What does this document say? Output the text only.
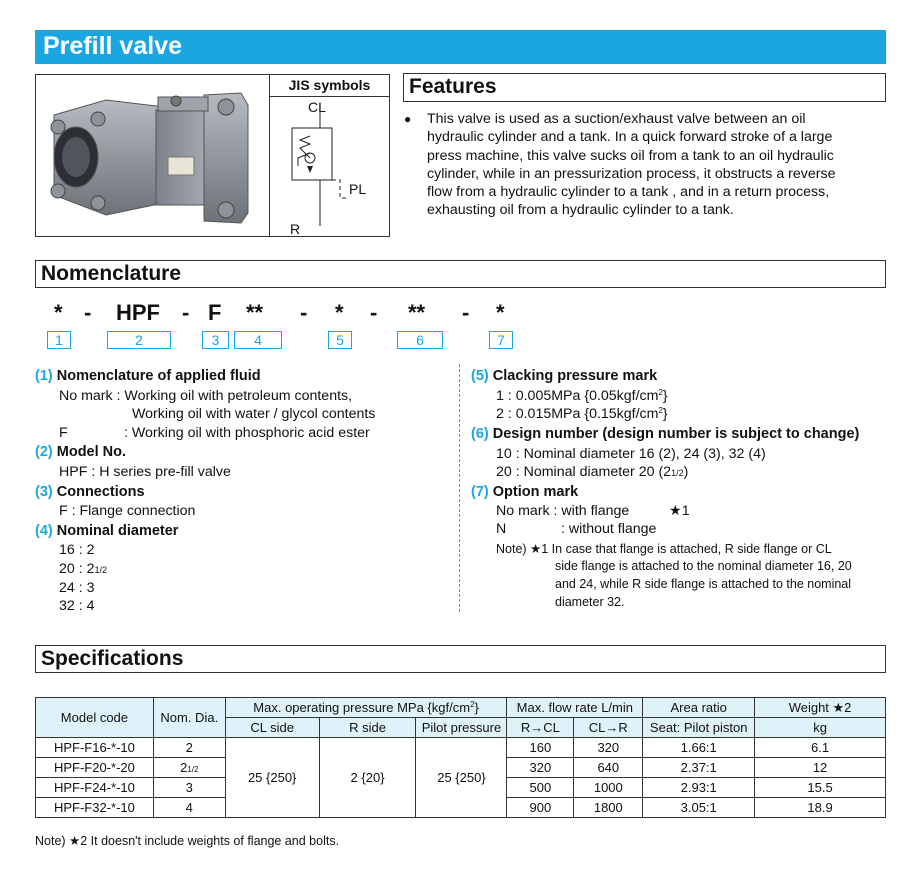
Prefill valve
JIS symbols
CL
PL
R
Features
● This valve is used as a suction/exhaust valve between an oil
hydraulic cylinder and a tank. In a quick forward stroke of a large
press machine, this valve sucks oil from a tank to an oil hydraulic
cylinder, while in an pressurization process, it obstructs a reverse
flow from a hydraulic cylinder to a tank , and in a return process,
exhausting oil from a hydraulic cylinder to a tank.
Nomenclature
* - HPF - F ** - * - ** - *
1	2	3	4	5	6	7
(1) Nomenclature of applied fluid
No mark : Working oil with petroleum contents,
Working oil with water / glycol contents
F	: Working oil with phosphoric acid ester
(2) Model No.
HPF : H series pre-fill valve
(3) Connections
F : Flange connection
(4) Nominal diameter
16 : 2
20 : 21/2
24 : 3
32 : 4
(5) Clacking pressure mark
1 : 0.005MPa $\{0.05kgf/cm^2\}$
2 : 0.015MPa $\{0.15kgf/cm^2\}$
(6) Design number (design number is subject to change)
10 : Nominal diameter 16 (2), 24 (3), 32 (4)
20 : Nominal diameter 20 (21/2)
(7) Option mark
No mark : with flange	★1
N	: without flange
Note) ★1 In case that flange is attached, R side flange or CL
side flange is attached to the nominal diameter 16, 20
and 24, while R side flange is attached to the nominal
diameter 32.
Specifications
Model code	Nom. Dia.	Max. operating pressure MPa $\{kgf/cm^2\}$			Max. flow rate L/min		Area ratio	Weight ★2
		CL side	R side	Pilot pressure	R→CL	CL→R	Seat: Pilot piston	kg
HPF-F16-*-10	2	25 {250}	2 {20}	25 {250}	160	320	1.66:1	6.1
HPF-F20-*-20	21/2				320	640	2.37:1	12
HPF-F24-*-10	3				500	1000	2.93:1	15.5
HPF-F32-*-10	4				900	1800	3.05:1	18.9
Note) ★2 It doesn't include weights of flange and bolts.
